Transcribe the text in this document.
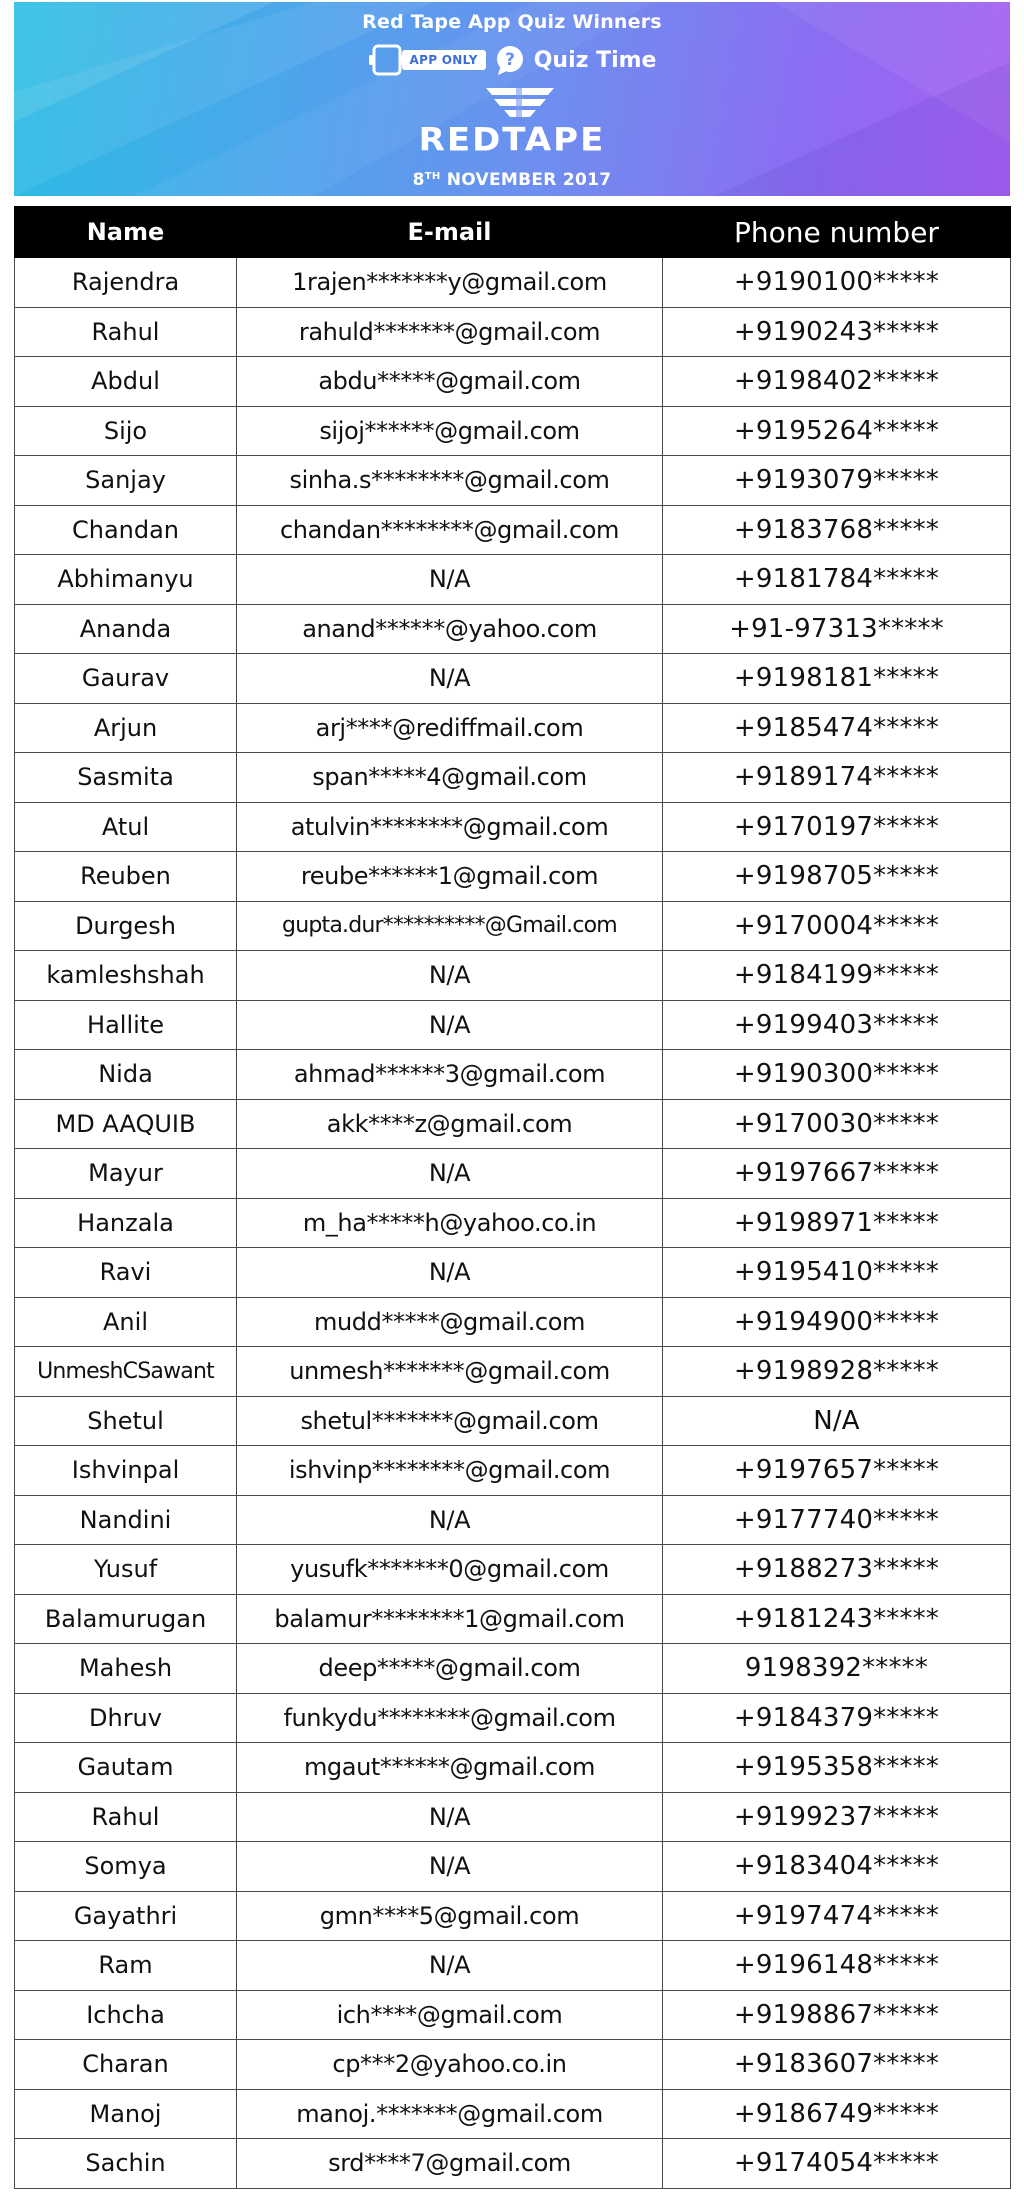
Red Tape App Quiz Winners
APP ONLY	? Quiz Time
REDTAPE
8TH NOVEMBER 2017
Name	E-mail	Phone number
Rajendra	1rajen*******y@gmail.com	+9190100*****
Rahul	rahuld*******@gmail.com	+9190243*****
Abdul	abdu*****@gmail.com	+9198402*****
Sijo	sijoj******@gmail.com	+9195264*****
Sanjay	sinha.s********@gmail.com	+9193079*****
Chandan	chandan********@gmail.com	+9183768*****
Abhimanyu	N/A	+9181784*****
Ananda	anand******@yahoo.com	+91-97313*****
Gaurav	N/A	+9198181*****
Arjun	arj****@rediffmail.com	+9185474*****
Sasmita	span*****4@gmail.com	+9189174*****
Atul	atulvin********@gmail.com	+9170197*****
Reuben	reube******1@gmail.com	+9198705*****
Durgesh	gupta.dur**********@Gmail.com	+9170004*****
kamleshshah	N/A	+9184199*****
Hallite	N/A	+9199403*****
Nida	ahmad******3@gmail.com	+9190300*****
MD AAQUIB	akk****z@gmail.com	+9170030*****
Mayur	N/A	+9197667*****
Hanzala	m_ha*****h@yahoo.co.in	+9198971*****
Ravi	N/A	+9195410*****
Anil	mudd*****@gmail.com	+9194900*****
UnmeshCSawant	unmesh*******@gmail.com	+9198928*****
Shetul	shetul*******@gmail.com	N/A
Ishvinpal	ishvinp********@gmail.com	+9197657*****
Nandini	N/A	+9177740*****
Yusuf	yusufk*******0@gmail.com	+9188273*****
Balamurugan	balamur********1@gmail.com	+9181243*****
Mahesh	deep*****@gmail.com	9198392*****
Dhruv	funkydu********@gmail.com	+9184379*****
Gautam	mgaut******@gmail.com	+9195358*****
Rahul	N/A	+9199237*****
Somya	N/A	+9183404*****
Gayathri	gmn****5@gmail.com	+9197474*****
Ram	N/A	+9196148*****
Ichcha	ich****@gmail.com	+9198867*****
Charan	cp***2@yahoo.co.in	+9183607*****
Manoj	manoj.*******@gmail.com	+9186749*****
Sachin	srd****7@gmail.com	+9174054*****
